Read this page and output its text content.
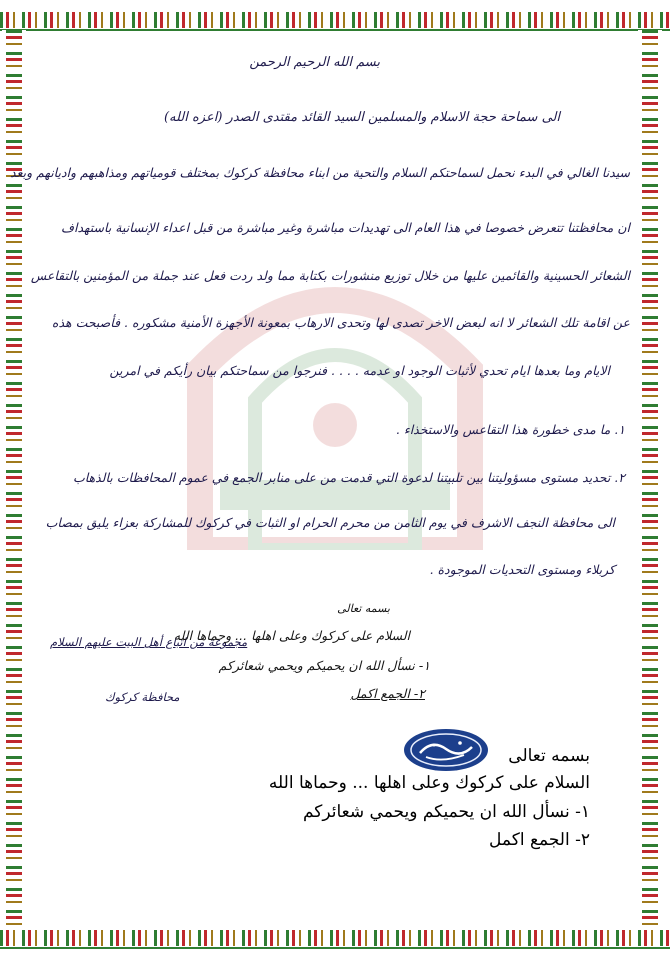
بسم الله الرحيم الرحمن
الى سماحة حجة الاسلام والمسلمين السيد القائد مقتدى الصدر (اعزه الله)
سيدنا الغالي في البدء نحمل لسماحتكم السلام والتحية من ابناء محافظة كركوك بمختلف قومياتهم ومذاهبهم واديانهم وبعد
ان محافظتنا تتعرض خصوصا في هذا العام الى تهديدات مباشرة وغير مباشرة من قبل اعداء الإنسانية باستهداف
الشعائر الحسينية والقائمين عليها من خلال توزيع منشورات بكتابة مما ولد ردت فعل عند جملة من المؤمنين بالتقاعس
عن اقامة تلك الشعائر لا انه لبعض الاخر تصدى لها وتحدى الارهاب بمعونة الأجهزة الأمنية مشكوره . فأصبحت هذه
الايام وما بعدها ايام تحدي لأثبات الوجود او عدمه . . . . فنرجوا من سماحتكم بيان رأيكم في امرين
١. ما مدى خطورة هذا التقاعس والاستخذاء .
٢. تحديد مستوى مسؤوليتنا بين تلبيتنا لدعوة التي قدمت من على منابر الجمع في عموم المحافظات بالذهاب
الى محافظة النجف الاشرف في يوم الثامن من محرم الحرام او الثبات في كركوك للمشاركة بعزاء يليق بمصاب
كربلاء ومستوى التحديات الموجودة .
مجموعة من اتباع أهل البيت عليهم السلام
محافظة كركوك
بسمه تعالى
السلام على كركوك وعلى اهلها ... وحماها الله
١- نسأل الله ان يحميكم ويحمي شعائركم
٢- الجمع اكمل
بسمه تعالى
السلام على كركوك وعلى اهلها ... وحماها الله
١- نسأل الله ان يحميكم ويحمي شعائركم
٢- الجمع اكمل
